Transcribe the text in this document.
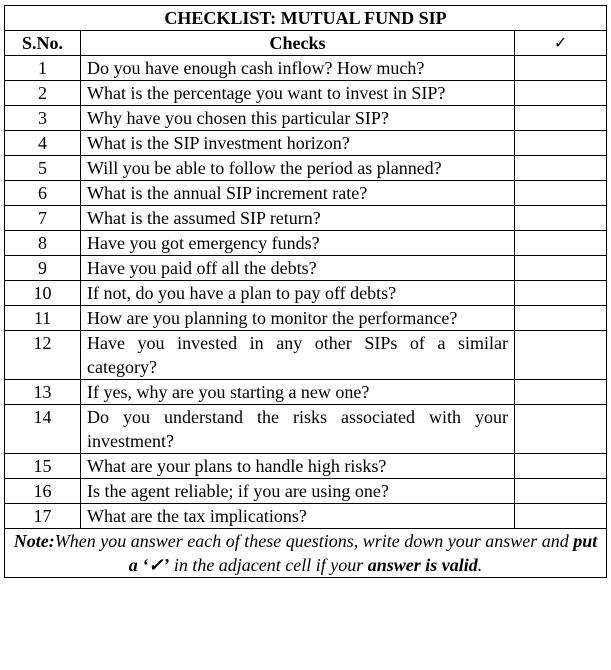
CHECKLIST: MUTUAL FUND SIP		
S.No.	Checks	✓
1	Do you have enough cash inflow? How much?	
2	What is the percentage you want to invest in SIP?	
3	Why have you chosen this particular SIP?	
4	What is the SIP investment horizon?	
5	Will you be able to follow the period as planned?	
6	What is the annual SIP increment rate?	
7	What is the assumed SIP return?	
8	Have you got emergency funds?	
9	Have you paid off all the debts?	
10	If not, do you have a plan to pay off debts?	
11	How are you planning to monitor the performance?	
12	Have you invested in any other SIPs of a similar category?	
13	If yes, why are you starting a new one?	
14	Do you understand the risks associated with your investment?	
15	What are your plans to handle high risks?	
16	Is the agent reliable; if you are using one?	
17	What are the tax implications?	
Note:When you answer each of these questions, write down your answer and put a ‘✓’ in the adjacent cell if your answer is valid.		
